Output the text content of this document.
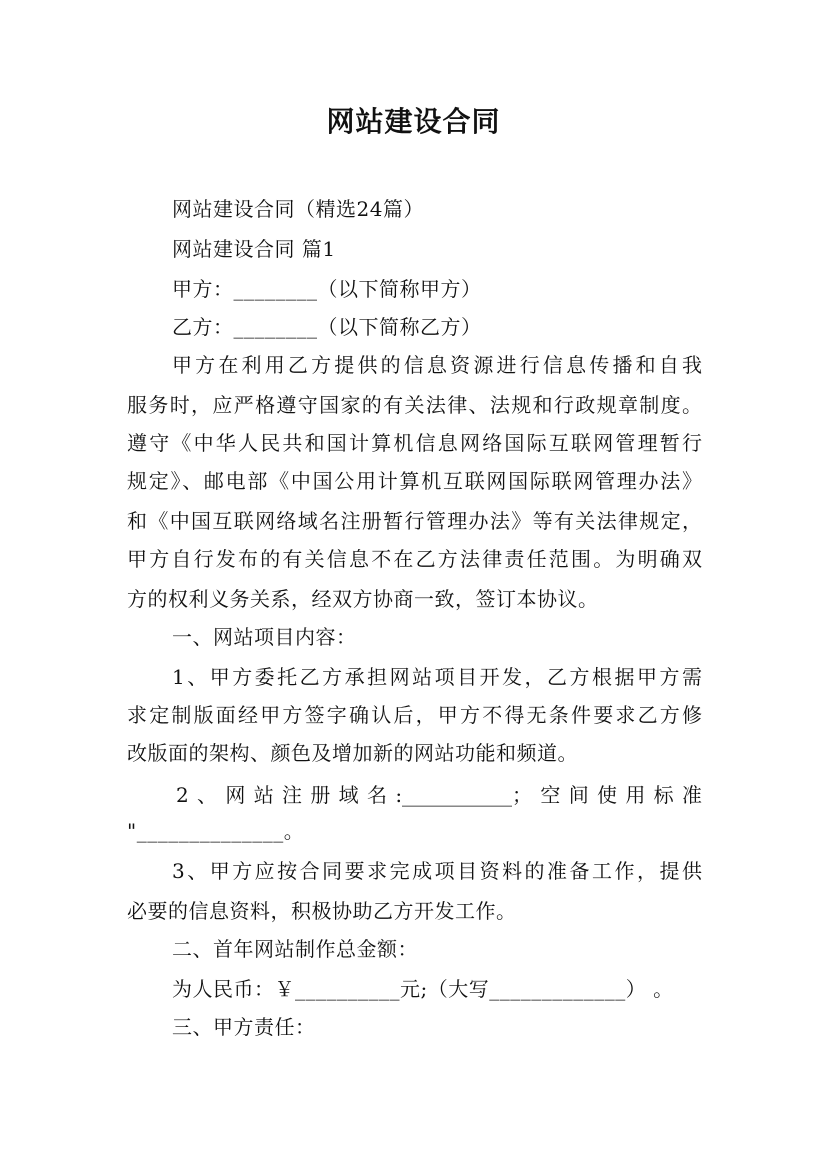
网站建设合同
网站建设合同（精选24篇）
网站建设合同 篇1
甲方：________（以下简称甲方）
乙方：________（以下简称乙方）
甲方在利用乙方提供的信息资源进行信息传播和自我
服务时，应严格遵守国家的有关法律、法规和行政规章制度。
遵守《中华人民共和国计算机信息网络国际互联网管理暂行
规定》、邮电部《中国公用计算机互联网国际联网管理办法》
和《中国互联网络域名注册暂行管理办法》等有关法律规定，
甲方自行发布的有关信息不在乙方法律责任范围。为明确双
方的权利义务关系，经双方协商一致，签订本协议。
一、网站项目内容：
1、甲方委托乙方承担网站项目开发，乙方根据甲方需
求定制版面经甲方签字确认后，甲方不得无条件要求乙方修
改版面的架构、颜色及增加新的网站功能和频道。
2、网站注册域名:___________；空间使用标准
"______________。
3、甲方应按合同要求完成项目资料的准备工作，提供
必要的信息资料，积极协助乙方开发工作。
二、首年网站制作总金额：
为人民币：￥__________元;（大写_____________） 。
三、甲方责任：
